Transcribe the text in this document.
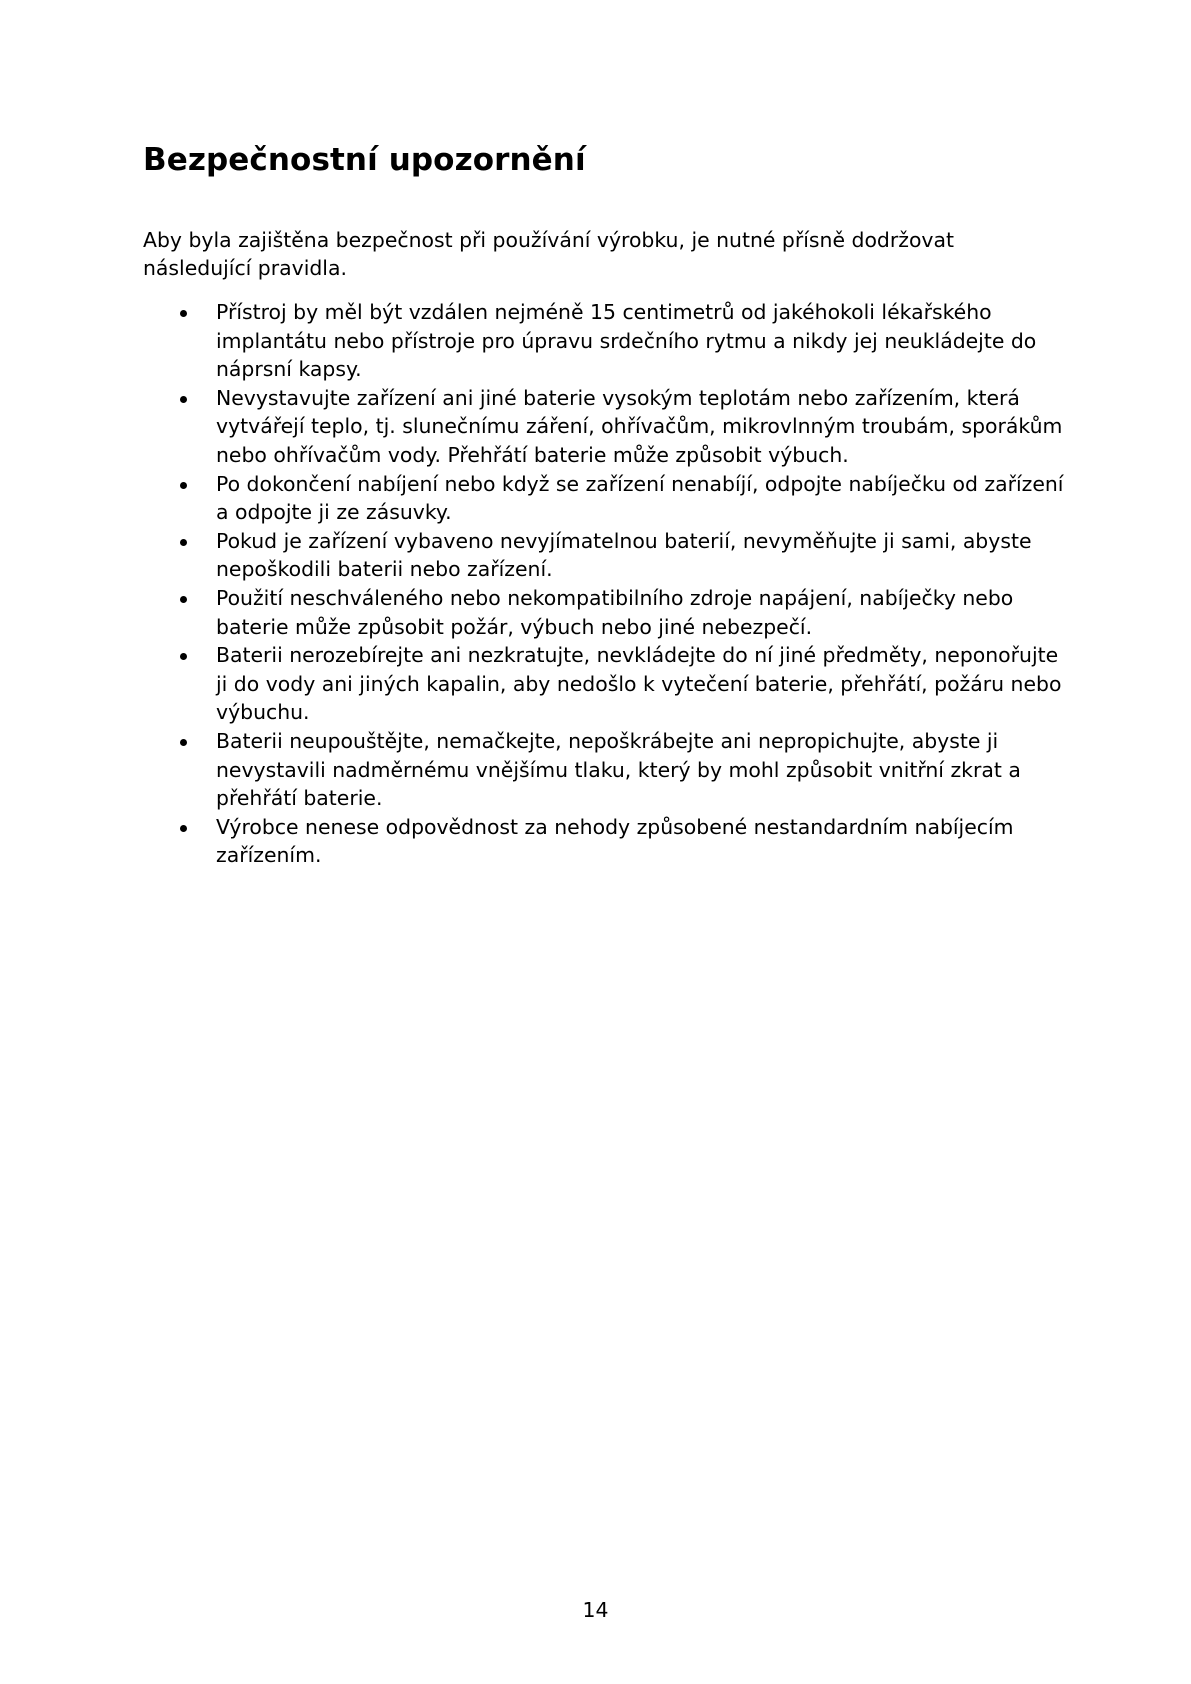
Bezpečnostní upozornění

Aby byla zajištěna bezpečnost při používání výrobku, je nutné přísně dodržovat následující pravidla.

Přístroj by měl být vzdálen nejméně 15 centimetrů od jakéhokoli lékařského implantátu nebo přístroje pro úpravu srdečního rytmu a nikdy jej neukládejte do náprsní kapsy.
Nevystavujte zařízení ani jiné baterie vysokým teplotám nebo zařízením, která vytvářejí teplo, tj. slunečnímu záření, ohřívačům, mikrovlnným troubám, sporákům nebo ohřívačům vody. Přehřátí baterie může způsobit výbuch.
Po dokončení nabíjení nebo když se zařízení nenabíjí, odpojte nabíječku od zařízení a odpojte ji ze zásuvky.
Pokud je zařízení vybaveno nevyjímatelnou baterií, nevyměňujte ji sami, abyste nepoškodili baterii nebo zařízení.
Použití neschváleného nebo nekompatibilního zdroje napájení, nabíječky nebo baterie může způsobit požár, výbuch nebo jiné nebezpečí.
Baterii nerozebírejte ani nezkratujte, nevkládejte do ní jiné předměty, neponořujte ji do vody ani jiných kapalin, aby nedošlo k vytečení baterie, přehřátí, požáru nebo výbuchu.
Baterii neupouštějte, nemačkejte, nepoškrábejte ani nepropichujte, abyste ji nevystavili nadměrnému vnějšímu tlaku, který by mohl způsobit vnitřní zkrat a přehřátí baterie.
Výrobce nenese odpovědnost za nehody způsobené nestandardním nabíjecím zařízením.

14
